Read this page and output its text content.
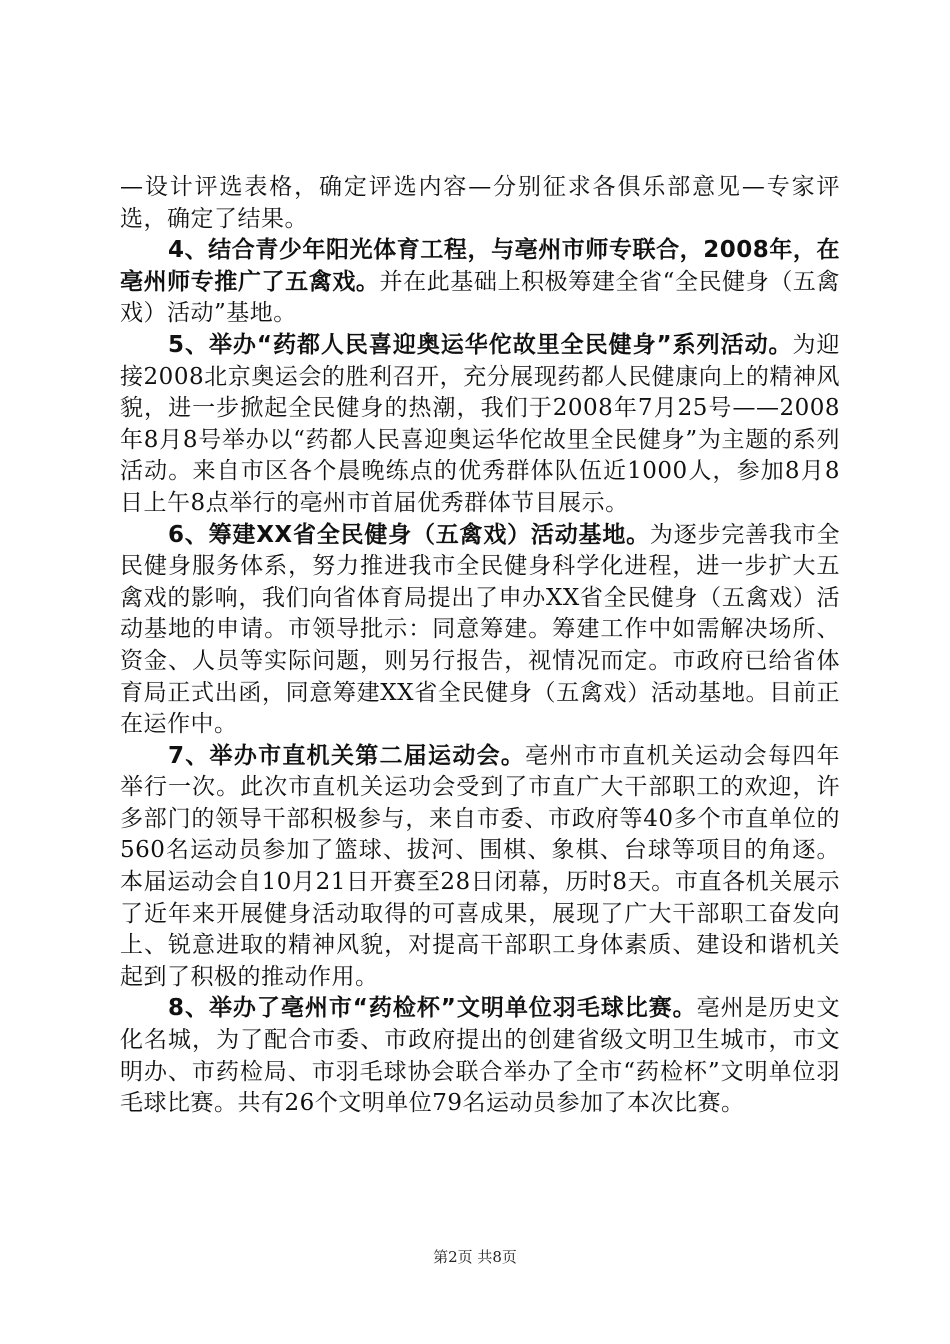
—设计评选表格，确定评选内容—分别征求各俱乐部意见—专家评选，确定了结果。

4、结合青少年阳光体育工程，与亳州市师专联合，2008年，在亳州师专推广了五禽戏。并在此基础上积极筹建全省“全民健身（五禽戏）活动”基地。

5、举办“药都人民喜迎奥运华佗故里全民健身”系列活动。为迎接2008北京奥运会的胜利召开，充分展现药都人民健康向上的精神风貌，进一步掀起全民健身的热潮，我们于2008年7月25号——2008年8月8号举办以“药都人民喜迎奥运华佗故里全民健身”为主题的系列活动。来自市区各个晨晚练点的优秀群体队伍近1000人，参加8月8日上午8点举行的亳州市首届优秀群体节目展示。

6、筹建XX省全民健身（五禽戏）活动基地。为逐步完善我市全民健身服务体系，努力推进我市全民健身科学化进程，进一步扩大五禽戏的影响，我们向省体育局提出了申办XX省全民健身（五禽戏）活动基地的申请。市领导批示：同意筹建。筹建工作中如需解决场所、资金、人员等实际问题，则另行报告，视情况而定。市政府已给省体育局正式出函，同意筹建XX省全民健身（五禽戏）活动基地。目前正在运作中。

7、举办市直机关第二届运动会。亳州市市直机关运动会每四年举行一次。此次市直机关运功会受到了市直广大干部职工的欢迎，许多部门的领导干部积极参与，来自市委、市政府等40多个市直单位的560名运动员参加了篮球、拔河、围棋、象棋、台球等项目的角逐。本届运动会自10月21日开赛至28日闭幕，历时8天。市直各机关展示了近年来开展健身活动取得的可喜成果，展现了广大干部职工奋发向上、锐意进取的精神风貌，对提高干部职工身体素质、建设和谐机关起到了积极的推动作用。

8、举办了亳州市“药检杯”文明单位羽毛球比赛。亳州是历史文化名城，为了配合市委、市政府提出的创建省级文明卫生城市，市文明办、市药检局、市羽毛球协会联合举办了全市“药检杯”文明单位羽毛球比赛。共有26个文明单位79名运动员参加了本次比赛。

第2页 共8页
